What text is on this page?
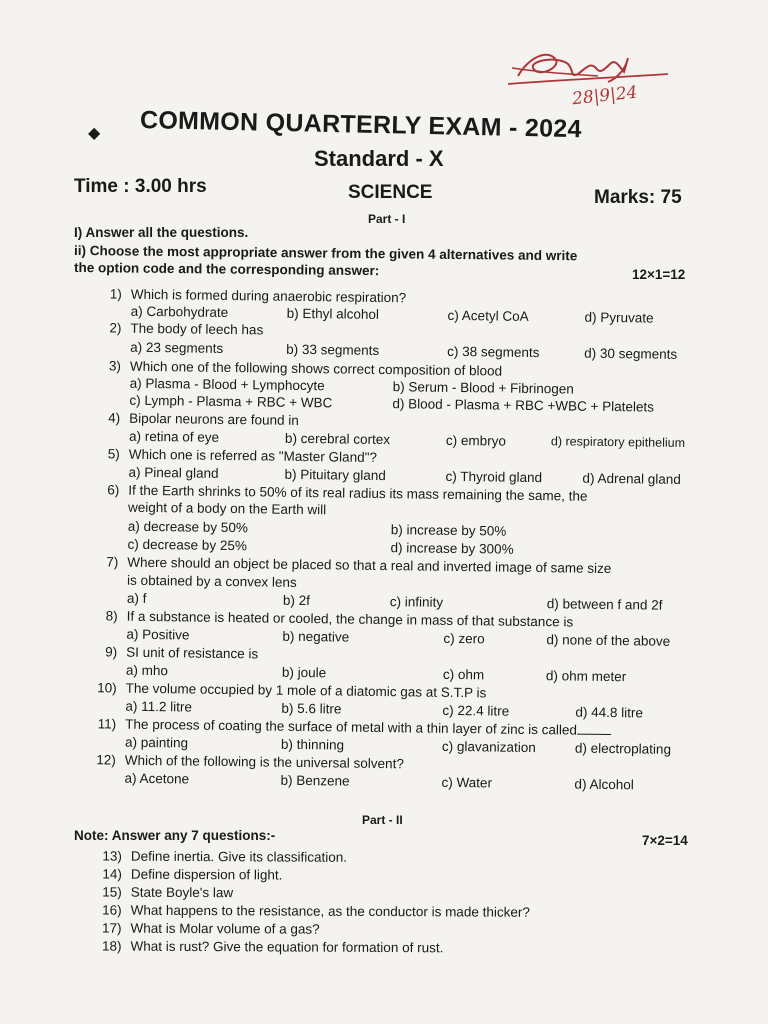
28|9|24
◆ COMMON QUARTERLY EXAM - 2024
Standard - X
Time : 3.00 hrs	SCIENCE	Marks: 75
Part - I
I) Answer all the questions.
ii) Choose the most appropriate answer from the given 4 alternatives and write
the option code and the corresponding answer:	12×1=12
1) Which is formed during anaerobic respiration?
a) Carbohydrate	b) Ethyl alcohol	c) Acetyl CoA	d) Pyruvate
2) The body of leech has
a) 23 segments	b) 33 segments	c) 38 segments	d) 30 segments
3) Which one of the following shows correct composition of blood
a) Plasma - Blood + Lymphocyte	b) Serum - Blood + Fibrinogen
c) Lymph - Plasma + RBC + WBC	d) Blood - Plasma + RBC +WBC + Platelets
4) Bipolar neurons are found in
a) retina of eye	b) cerebral cortex	c) embryo	d) respiratory epithelium
5) Which one is referred as "Master Gland"?
a) Pineal gland	b) Pituitary gland	c) Thyroid gland	d) Adrenal gland
6) If the Earth shrinks to 50% of its real radius its mass remaining the same, the
weight of a body on the Earth will
a) decrease by 50%	b) increase by 50%
c) decrease by 25%	d) increase by 300%
7) Where should an object be placed so that a real and inverted image of same size
is obtained by a convex lens
a) f	b) 2f	c) infinity	d) between f and 2f
8) If a substance is heated or cooled, the change in mass of that substance is
a) Positive	b) negative	c) zero	d) none of the above
9) SI unit of resistance is
a) mho	b) joule	c) ohm	d) ohm meter
10) The volume occupied by 1 mole of a diatomic gas at S.T.P is
a) 11.2 litre	b) 5.6 litre	c) 22.4 litre	d) 44.8 litre
11) The process of coating the surface of metal with a thin layer of zinc is called
a) painting	b) thinning	c) glavanization	d) electroplating
12) Which of the following is the universal solvent?
a) Acetone	b) Benzene	c) Water	d) Alcohol
Part - II
Note: Answer any 7 questions:-	7×2=14
13) Define inertia. Give its classification.
14) Define dispersion of light.
15) State Boyle's law
16) What happens to the resistance, as the conductor is made thicker?
17) What is Molar volume of a gas?
18) What is rust? Give the equation for formation of rust.
